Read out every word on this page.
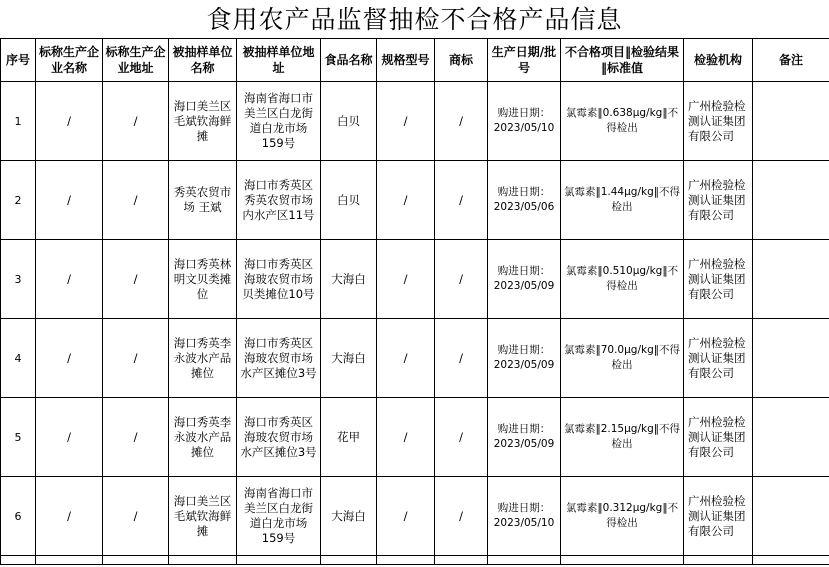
食用农产品监督抽检不合格产品信息
序号	标称生产企业名称	标称生产企业地址	被抽样单位名称	被抽样单位地址	食品名称	规格型号	商标	生产日期/批号	不合格项目‖检验结果‖标准值	检验机构	备注
1	/	/	海口美兰区毛斌钦海鲜摊	海南省海口市美兰区白龙街道白龙市场159号	白贝	/	/	购进日期：2023/05/10	氯霉素‖0.638μg/kg‖不得检出	广州检验检测认证集团有限公司	
2	/	/	秀英农贸市场 王斌	海口市秀英区秀英农贸市场内水产区11号	白贝	/	/	购进日期：2023/05/06	氯霉素‖1.44μg/kg‖不得检出	广州检验检测认证集团有限公司	
3	/	/	海口秀英林明文贝类摊位	海口市秀英区海玻农贸市场贝类摊位10号	大海白	/	/	购进日期：2023/05/09	氯霉素‖0.510μg/kg‖不得检出	广州检验检测认证集团有限公司	
4	/	/	海口秀英李永波水产品摊位	海口市秀英区海玻农贸市场水产区摊位3号	大海白	/	/	购进日期：2023/05/09	氯霉素‖70.0μg/kg‖不得检出	广州检验检测认证集团有限公司	
5	/	/	海口秀英李永波水产品摊位	海口市秀英区海玻农贸市场水产区摊位3号	花甲	/	/	购进日期：2023/05/09	氯霉素‖2.15μg/kg‖不得检出	广州检验检测认证集团有限公司	
6	/	/	海口美兰区毛斌钦海鲜摊	海南省海口市美兰区白龙街道白龙市场159号	大海白	/	/	购进日期：2023/05/10	氯霉素‖0.312μg/kg‖不得检出	广州检验检测认证集团有限公司	
